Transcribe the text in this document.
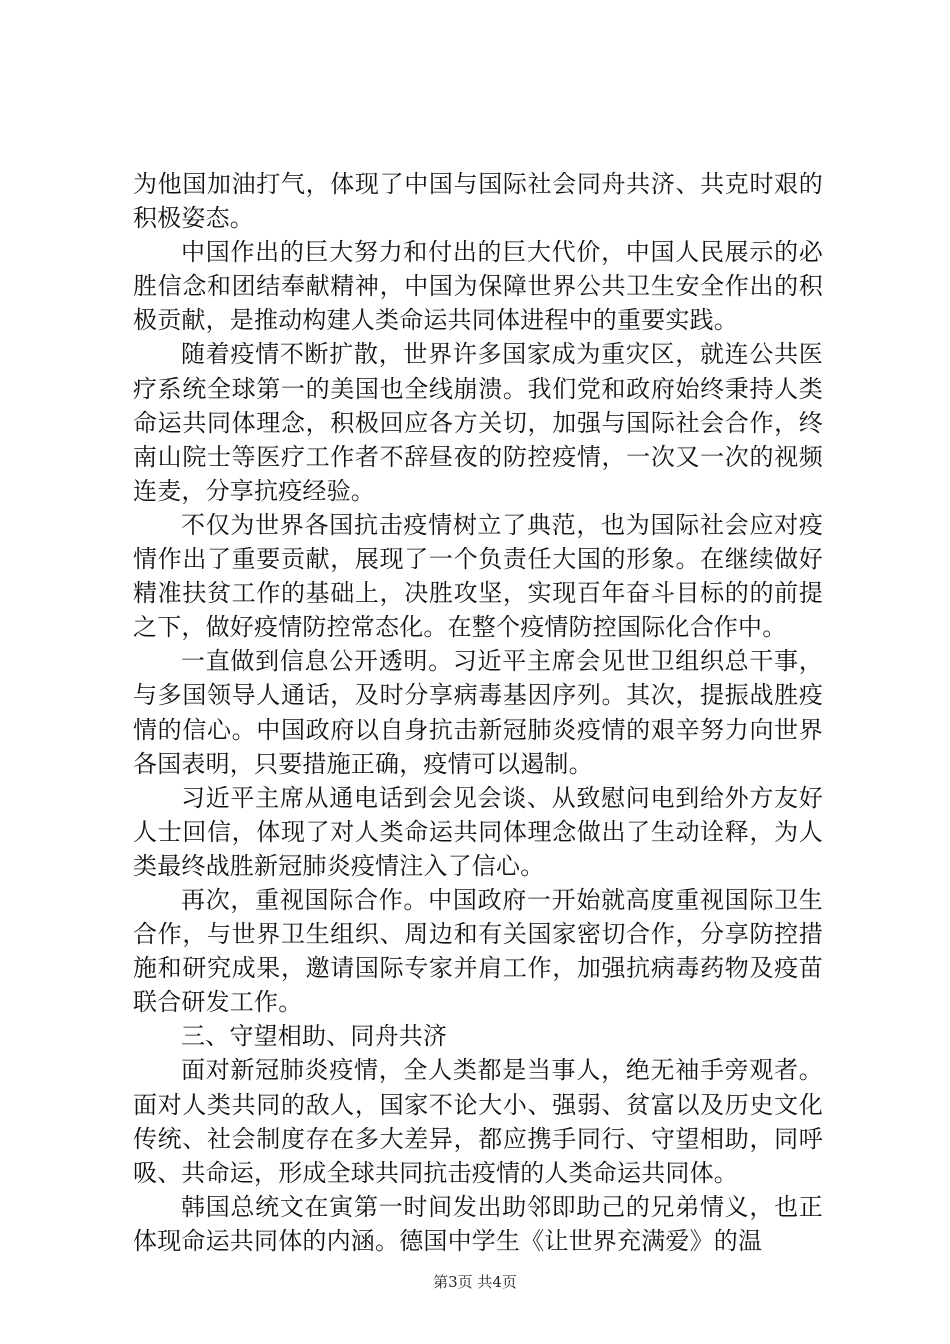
为他国加油打气，体现了中国与国际社会同舟共济、共克时艰的积极姿态。

中国作出的巨大努力和付出的巨大代价，中国人民展示的必胜信念和团结奉献精神，中国为保障世界公共卫生安全作出的积极贡献，是推动构建人类命运共同体进程中的重要实践。

随着疫情不断扩散，世界许多国家成为重灾区，就连公共医疗系统全球第一的美国也全线崩溃。我们党和政府始终秉持人类命运共同体理念，积极回应各方关切，加强与国际社会合作，终南山院士等医疗工作者不辞昼夜的防控疫情，一次又一次的视频连麦，分享抗疫经验。

不仅为世界各国抗击疫情树立了典范，也为国际社会应对疫情作出了重要贡献，展现了一个负责任大国的形象。在继续做好精准扶贫工作的基础上，决胜攻坚，实现百年奋斗目标的的前提之下，做好疫情防控常态化。在整个疫情防控国际化合作中。

一直做到信息公开透明。习近平主席会见世卫组织总干事，与多国领导人通话，及时分享病毒基因序列。其次，提振战胜疫情的信心。中国政府以自身抗击新冠肺炎疫情的艰辛努力向世界各国表明，只要措施正确，疫情可以遏制。

习近平主席从通电话到会见会谈、从致慰问电到给外方友好人士回信，体现了对人类命运共同体理念做出了生动诠释，为人类最终战胜新冠肺炎疫情注入了信心。

再次，重视国际合作。中国政府一开始就高度重视国际卫生合作，与世界卫生组织、周边和有关国家密切合作，分享防控措施和研究成果，邀请国际专家并肩工作，加强抗病毒药物及疫苗联合研发工作。

三、守望相助、同舟共济

面对新冠肺炎疫情，全人类都是当事人，绝无袖手旁观者。面对人类共同的敌人，国家不论大小、强弱、贫富以及历史文化传统、社会制度存在多大差异，都应携手同行、守望相助，同呼吸、共命运，形成全球共同抗击疫情的人类命运共同体。

韩国总统文在寅第一时间发出助邻即助己的兄弟情义，也正体现命运共同体的内涵。德国中学生《让世界充满爱》的温

第3页 共4页
